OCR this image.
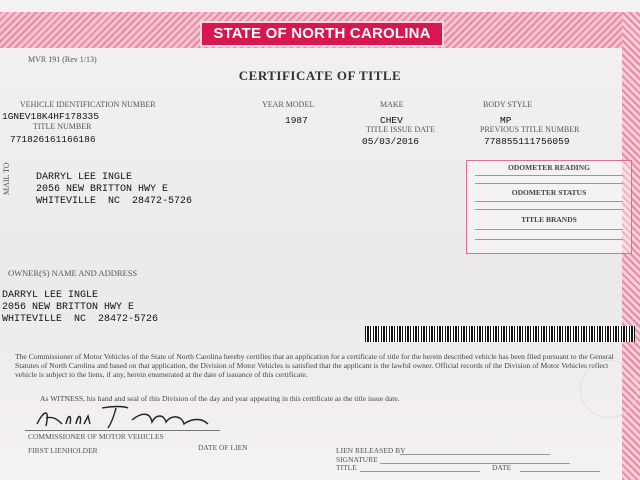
STATE OF NORTH CAROLINA
MVR 191 (Rev 1/13)
CERTIFICATE OF TITLE
VEHICLE IDENTIFICATION NUMBER
1GNEV18K4HF178335
YEAR MODEL
1987
MAKE
CHEV
BODY STYLE
MP
TITLE NUMBER
771826161166186
TITLE ISSUE DATE
05/03/2016
PREVIOUS TITLE NUMBER
778855111756059
MAIL TO	DARRYL LEE INGLE
2056 NEW BRITTON HWY E
WHITEVILLE  NC  28472-5726
ODOMETER READING
ODOMETER STATUS
TITLE BRANDS
OWNER(S) NAME AND ADDRESS
DARRYL LEE INGLE
2056 NEW BRITTON HWY E
WHITEVILLE  NC  28472-5726
The Commissioner of Motor Vehicles of the State of North Carolina hereby certifies that an application for a certificate of title for the herein described vehicle has been filed pursuant to the General Statutes of North Carolina and based on that application, the Division of Motor Vehicles is satisfied that the applicant is the lawful owner. Official records of the Division of Motor Vehicles reflect vehicle is subject to the liens, if any, herein enumerated at the date of issuance of this certificate.
As WITNESS, his hand and seal of this Division of the day and year appearing in this certificate as the title issue date.
COMMISSIONER OF MOTOR VEHICLES
FIRST LIENHOLDER	DATE OF LIEN	LIEN RELEASED BY
SIGNATURE
TITLE	DATE
